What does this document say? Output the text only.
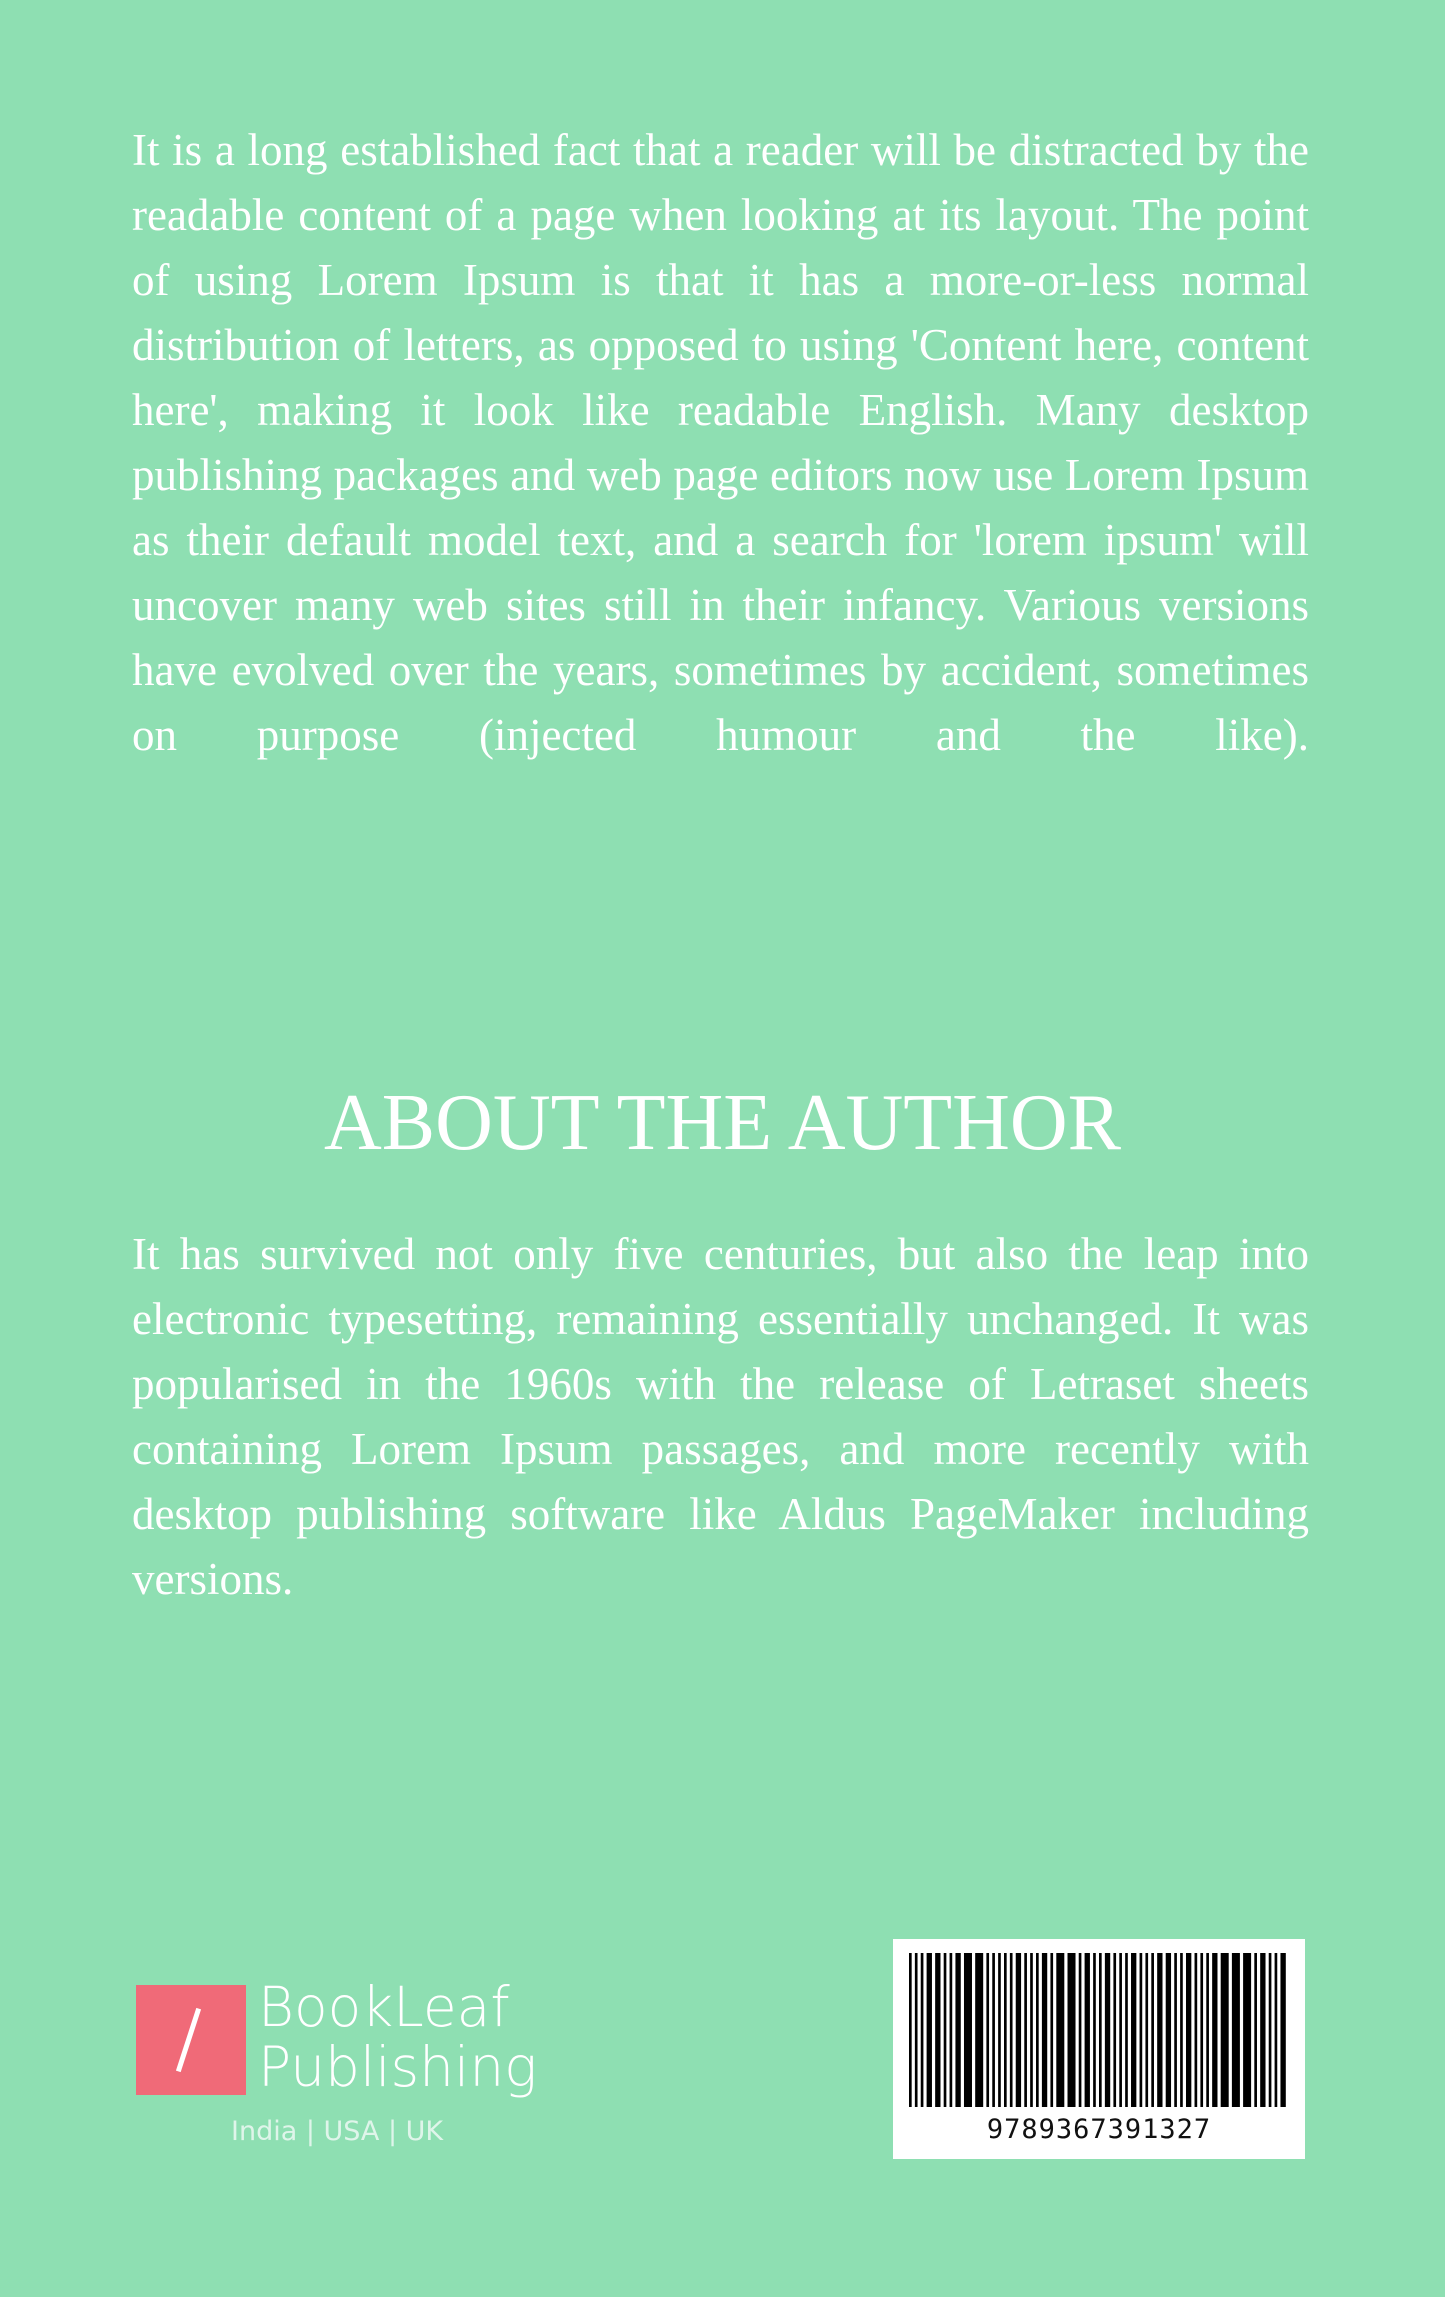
It is a long established fact that a reader will be distracted by the readable content of a page when looking at its layout. The point of using Lorem Ipsum is that it has a more-or-less normal distribution of letters, as opposed to using 'Content here, content here', making it look like readable English. Many desktop publishing packages and web page editors now use Lorem Ipsum as their default model text, and a search for 'lorem ipsum' will uncover many web sites still in their infancy. Various versions have evolved over the years, sometimes by accident, sometimes on purpose (injected humour and the like).

ABOUT THE AUTHOR

It has survived not only five centuries, but also the leap into electronic typesetting, remaining essentially unchanged. It was popularised in the 1960s with the release of Letraset sheets containing Lorem Ipsum passages, and more recently with desktop publishing software like Aldus PageMaker including versions.

BookLeaf
Publishing
India | USA | UK	9789367391327
